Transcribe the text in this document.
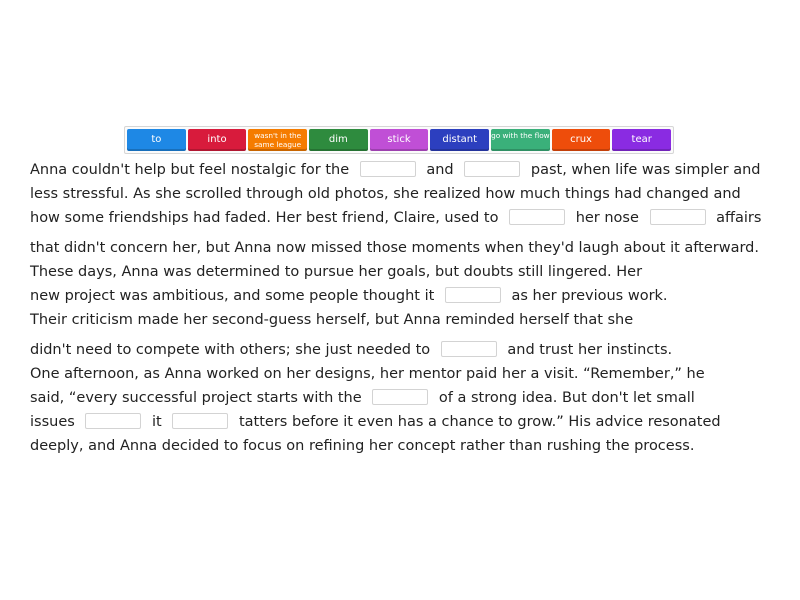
to	into	wasn't in the same league	dim	stick	distant	go with the flow	crux	tear
Anna couldn't help but feel nostalgic for the	and	past, when life was simpler and
less stressful. As she scrolled through old photos, she realized how much things had changed and
how some friendships had faded. Her best friend, Claire, used to	her nose	affairs
that didn't concern her, but Anna now missed those moments when they'd laugh about it afterward.
These days, Anna was determined to pursue her goals, but doubts still lingered. Her
new project was ambitious, and some people thought it	as her previous work.
Their criticism made her second-guess herself, but Anna reminded herself that she
didn't need to compete with others; she just needed to	and trust her instincts.
One afternoon, as Anna worked on her designs, her mentor paid her a visit. “Remember,” he
said, “every successful project starts with the	of a strong idea. But don't let small
issues	it	tatters before it even has a chance to grow.” His advice resonated
deeply, and Anna decided to focus on refining her concept rather than rushing the process.
